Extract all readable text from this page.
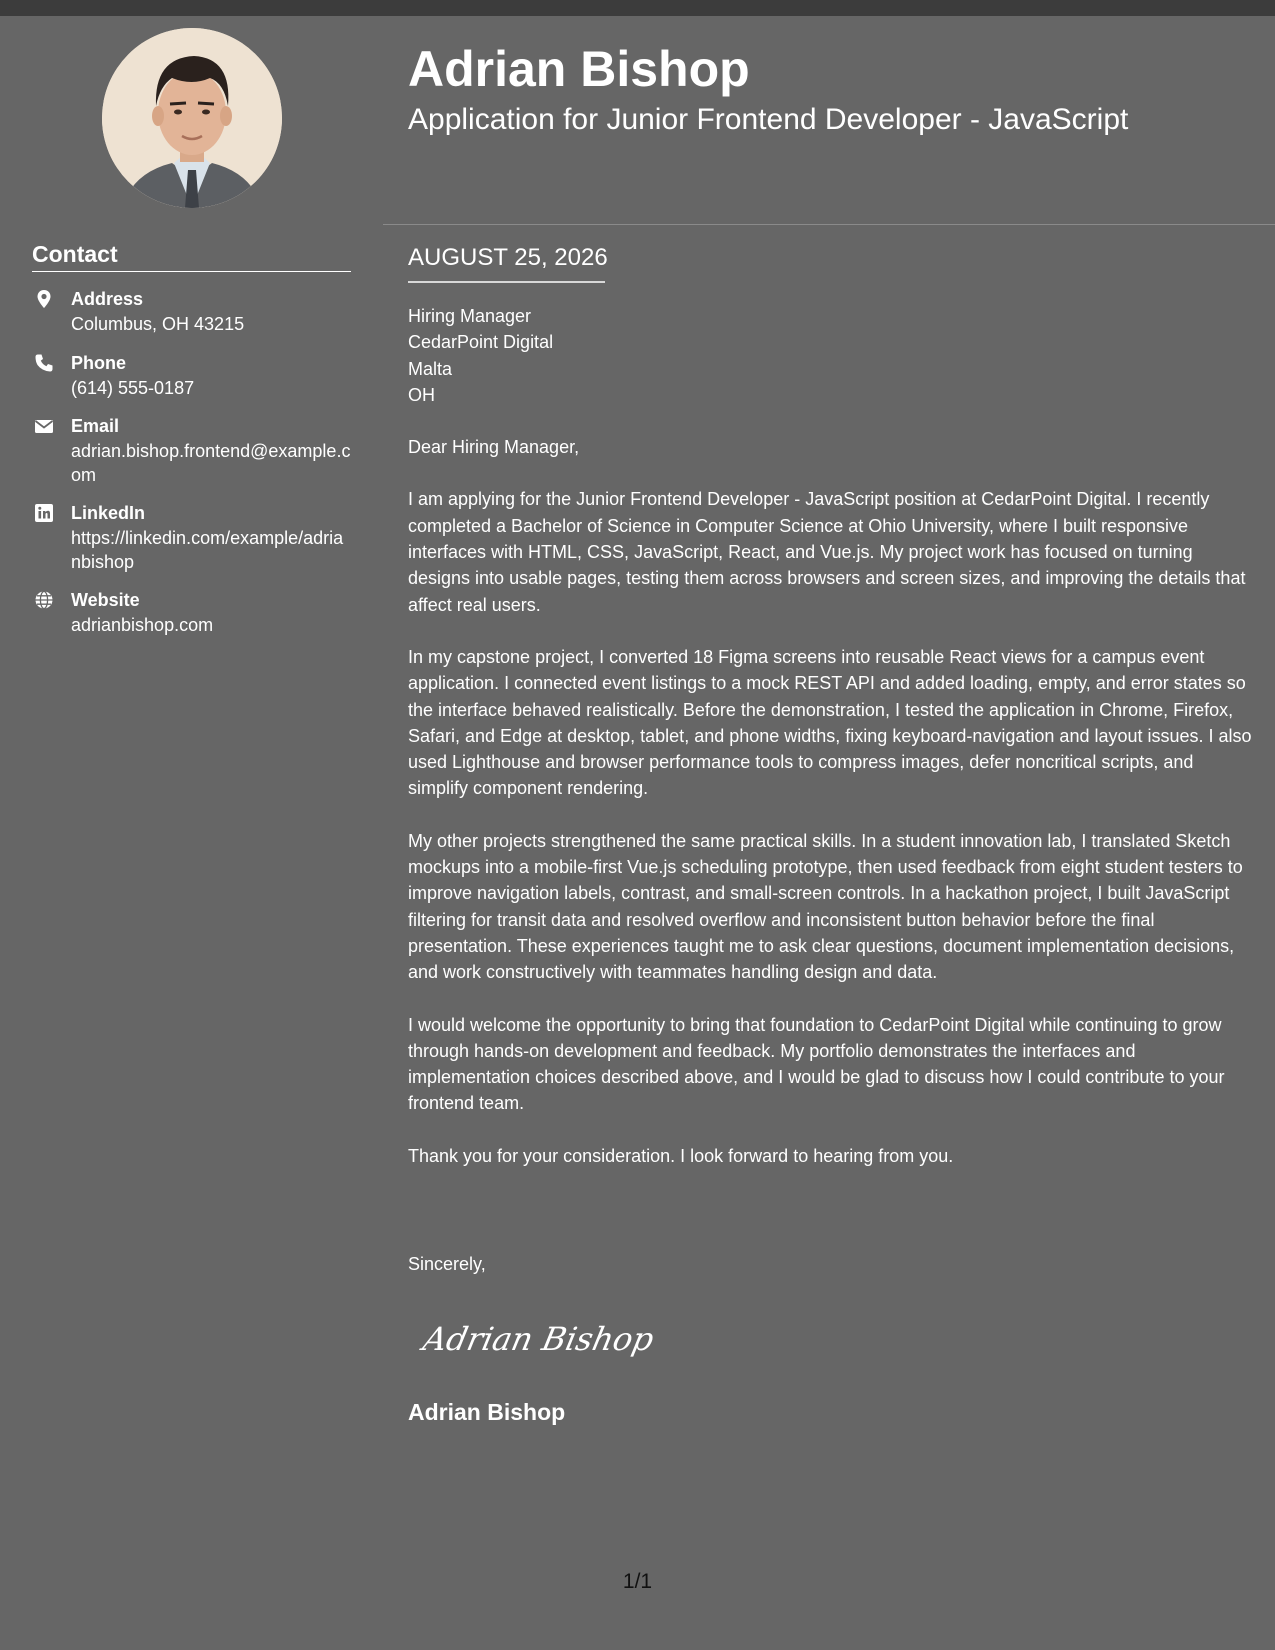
Adrian Bishop
Application for Junior Frontend Developer - JavaScript
Contact
Address
Columbus, OH 43215
Phone
(614) 555-0187
Email
adrian.bishop.frontend@example.com
LinkedIn
https://linkedin.com/example/adrianbishop
Website
adrianbishop.com
AUGUST 25, 2026

Hiring Manager

CedarPoint Digital

Malta

OH

Dear Hiring Manager,

I am applying for the Junior Frontend Developer - JavaScript position at CedarPoint Digital. I recently completed a Bachelor of Science in Computer Science at Ohio University, where I built responsive interfaces with HTML, CSS, JavaScript, React, and Vue.js. My project work has focused on turning designs into usable pages, testing them across browsers and screen sizes, and improving the details that affect real users.

In my capstone project, I converted 18 Figma screens into reusable React views for a campus event application. I connected event listings to a mock REST API and added loading, empty, and error states so the interface behaved realistically. Before the demonstration, I tested the application in Chrome, Firefox, Safari, and Edge at desktop, tablet, and phone widths, fixing keyboard-navigation and layout issues. I also used Lighthouse and browser performance tools to compress images, defer noncritical scripts, and simplify component rendering.

My other projects strengthened the same practical skills. In a student innovation lab, I translated Sketch mockups into a mobile-first Vue.js scheduling prototype, then used feedback from eight student testers to improve navigation labels, contrast, and small-screen controls. In a hackathon project, I built JavaScript filtering for transit data and resolved overflow and inconsistent button behavior before the final presentation. These experiences taught me to ask clear questions, document implementation decisions, and work constructively with teammates handling design and data.

I would welcome the opportunity to bring that foundation to CedarPoint Digital while continuing to grow through hands-on development and feedback. My portfolio demonstrates the interfaces and implementation choices described above, and I would be glad to discuss how I could contribute to your frontend team.

Thank you for your consideration. I look forward to hearing from you.

Sincerely,

Adrian Bishop

Adrian Bishop

1/1
